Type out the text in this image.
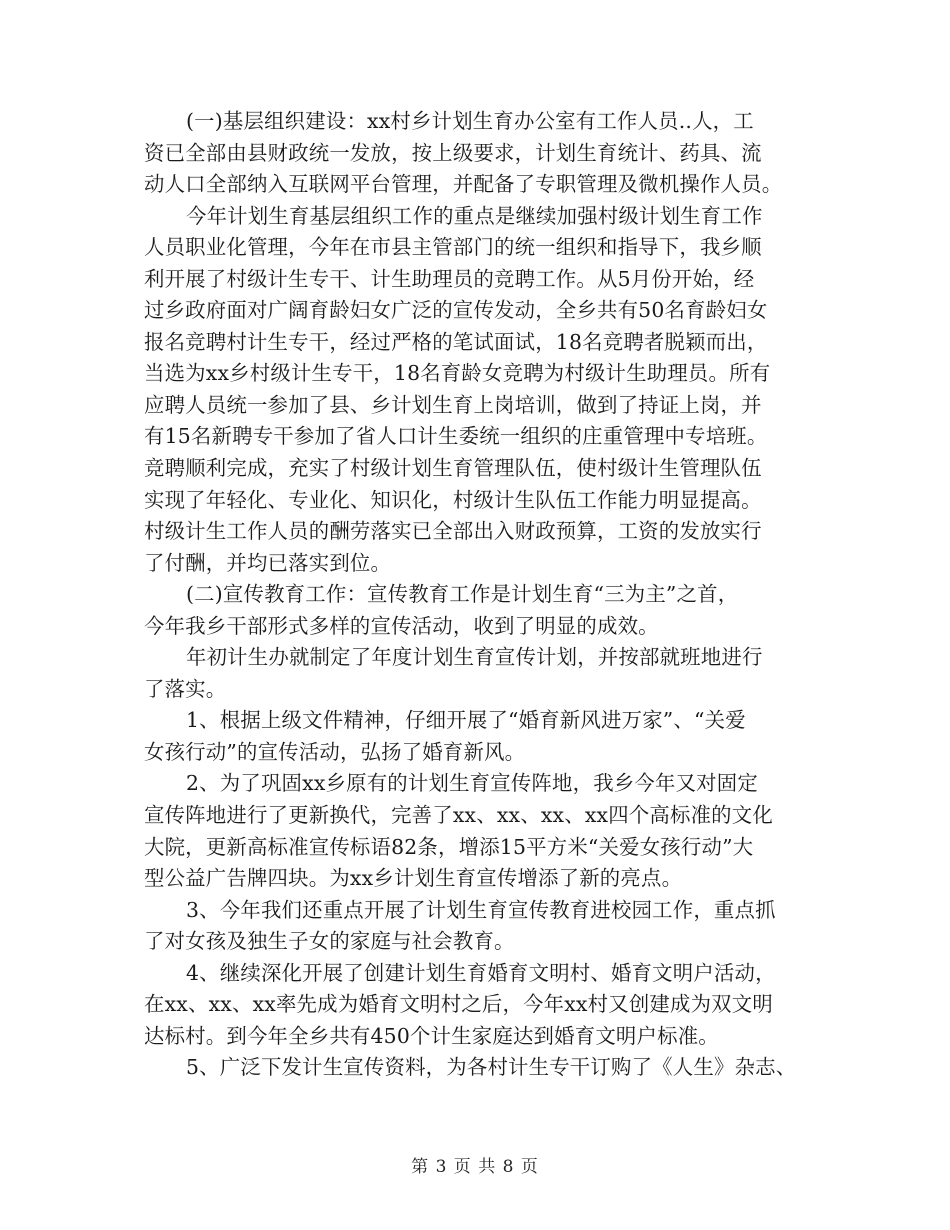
(一)基层组织建设：xx村乡计划生育办公室有工作人员..人，工
资已全部由县财政统一发放，按上级要求，计划生育统计、药具、流
动人口全部纳入互联网平台管理，并配备了专职管理及微机操作人员。

今年计划生育基层组织工作的重点是继续加强村级计划生育工作
人员职业化管理，今年在市县主管部门的统一组织和指导下，我乡顺
利开展了村级计生专干、计生助理员的竞聘工作。从5月份开始，经
过乡政府面对广阔育龄妇女广泛的宣传发动，全乡共有50名育龄妇女
报名竞聘村计生专干，经过严格的笔试面试，18名竞聘者脱颖而出，
当选为xx乡村级计生专干，18名育龄女竞聘为村级计生助理员。所有
应聘人员统一参加了县、乡计划生育上岗培训，做到了持证上岗，并
有15名新聘专干参加了省人口计生委统一组织的庄重管理中专培班。
竞聘顺利完成，充实了村级计划生育管理队伍，使村级计生管理队伍
实现了年轻化、专业化、知识化，村级计生队伍工作能力明显提高。
村级计生工作人员的酬劳落实已全部出入财政预算，工资的发放实行
了付酬，并均已落实到位。

(二)宣传教育工作：宣传教育工作是计划生育“三为主”之首，
今年我乡干部形式多样的宣传活动，收到了明显的成效。

年初计生办就制定了年度计划生育宣传计划，并按部就班地进行
了落实。

1、根据上级文件精神，仔细开展了“婚育新风进万家”、“关爱
女孩行动”的宣传活动，弘扬了婚育新风。

2、为了巩固xx乡原有的计划生育宣传阵地，我乡今年又对固定
宣传阵地进行了更新换代，完善了xx、xx、xx、xx四个高标准的文化
大院，更新高标准宣传标语82条，增添15平方米“关爱女孩行动”大
型公益广告牌四块。为xx乡计划生育宣传增添了新的亮点。

3、今年我们还重点开展了计划生育宣传教育进校园工作，重点抓
了对女孩及独生子女的家庭与社会教育。

4、继续深化开展了创建计划生育婚育文明村、婚育文明户活动，
在xx、xx、xx率先成为婚育文明村之后，今年xx村又创建成为双文明
达标村。到今年全乡共有450个计生家庭达到婚育文明户标准。

5、广泛下发计生宣传资料，为各村计生专干订购了《人生》杂志、

第 3 页 共 8 页
